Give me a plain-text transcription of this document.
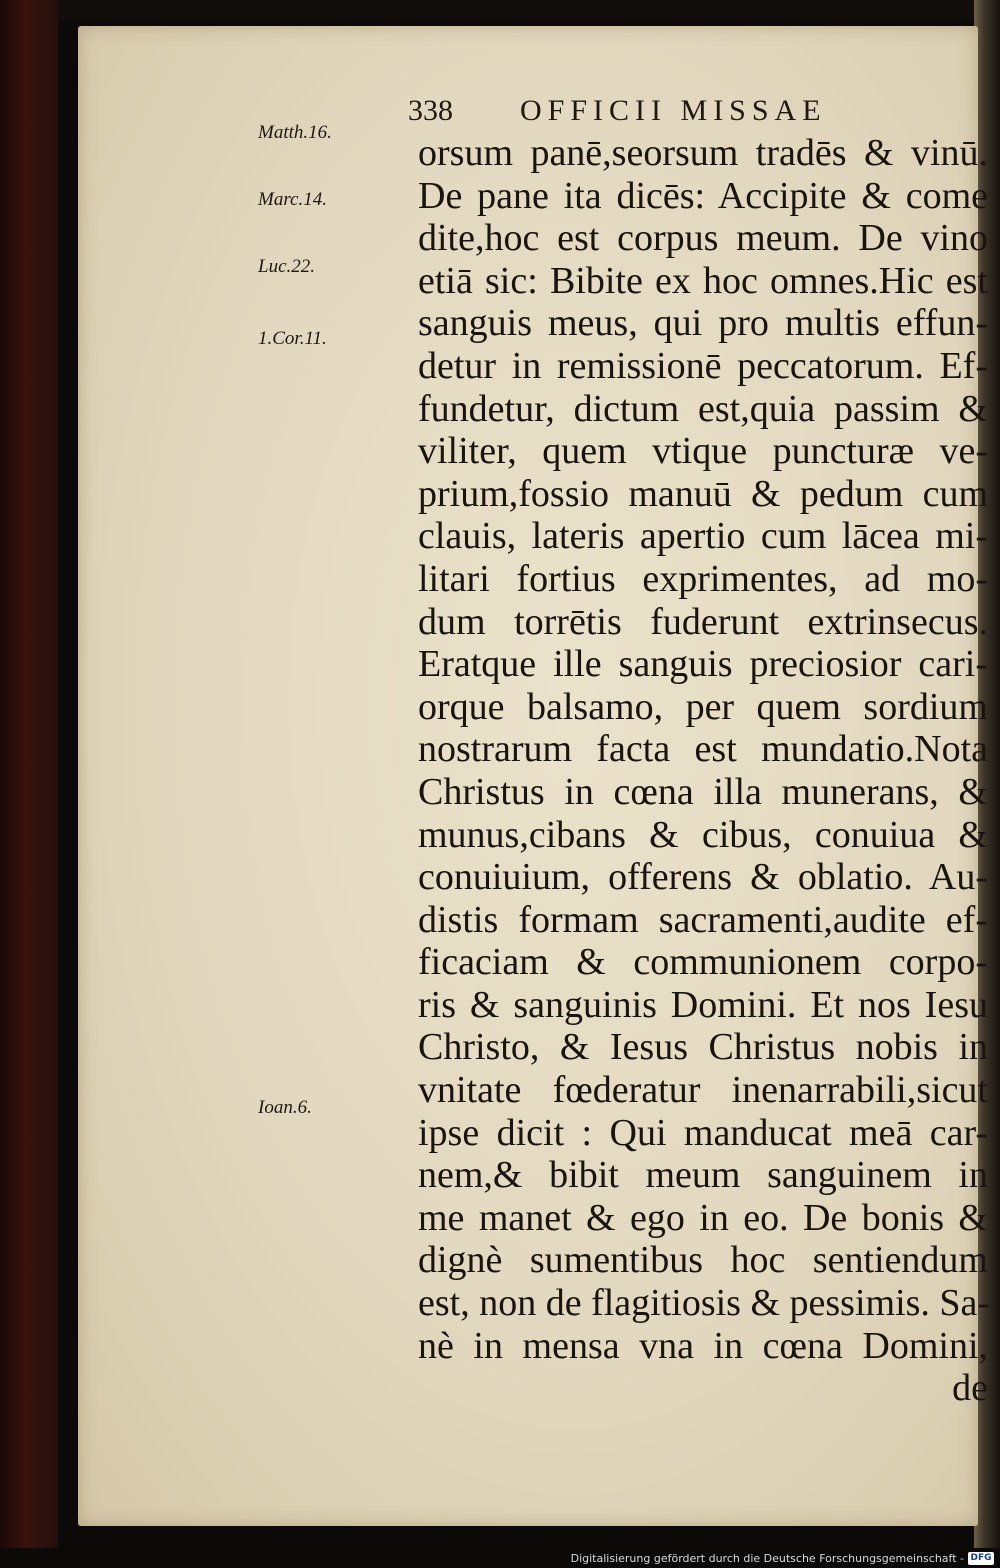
338 OFFICII MISSAE
Matth.16.
Marc.14.
Luc.22.
1.Cor.11.
Ioan.6.
orsum panē,seorsum tradēs & vinū.
De pane ita dicēs: Accipite & come
dite,hoc est corpus meum. De vino
etiā sic: Bibite ex hoc omnes.Hic est
sanguis meus, qui pro multis effun-
detur in remissionē peccatorum. Ef-
fundetur, dictum est,quia passim &
viliter, quem vtique puncturæ ve-
prium,fossio manuū & pedum cum
clauis, lateris apertio cum lācea mi-
litari fortius exprimentes, ad mo-
dum torrētis fuderunt extrinsecus.
Eratque ille sanguis preciosior cari-
orque balsamo, per quem sordium
nostrarum facta est mundatio.Nota
Christus in cœna illa munerans, &
munus,cibans & cibus, conuiua &
conuiuium, offerens & oblatio. Au-
distis formam sacramenti,audite ef-
ficaciam & communionem corpo-
ris & sanguinis Domini. Et nos Iesu
Christo, & Iesus Christus nobis in
vnitate fœderatur inenarrabili,sicut
ipse dicit : Qui manducat meā car-
nem,& bibit meum sanguinem in
me manet & ego in eo. De bonis &
dignè sumentibus hoc sentiendum
est, non de flagitiosis & pessimis. Sa-
nè in mensa vna in cœna Domini,
de
Digitalisierung gefördert durch die Deutsche Forschungsgemeinschaft - DFG
